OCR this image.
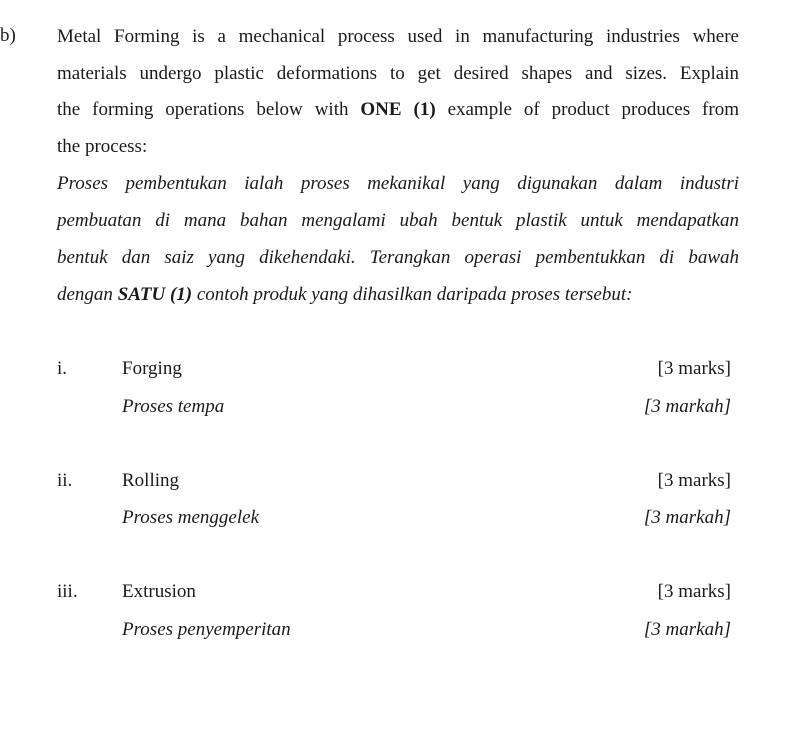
b) Metal Forming is a mechanical process used in manufacturing industries where
materials undergo plastic deformations to get desired shapes and sizes. Explain
the forming operations below with ONE (1) example of product produces from
the process:
Proses pembentukan ialah proses mekanikal yang digunakan dalam industri
pembuatan di mana bahan mengalami ubah bentuk plastik untuk mendapatkan
bentuk dan saiz yang dikehendaki. Terangkan operasi pembentukkan di bawah
dengan SATU (1) contoh produk yang dihasilkan daripada proses tersebut:
i.	Forging	[3 marks]
Proses tempa	[3 markah]
ii.	Rolling	[3 marks]
Proses menggelek	[3 markah]
iii. Extrusion	[3 marks]
Proses penyemperitan	[3 markah]
